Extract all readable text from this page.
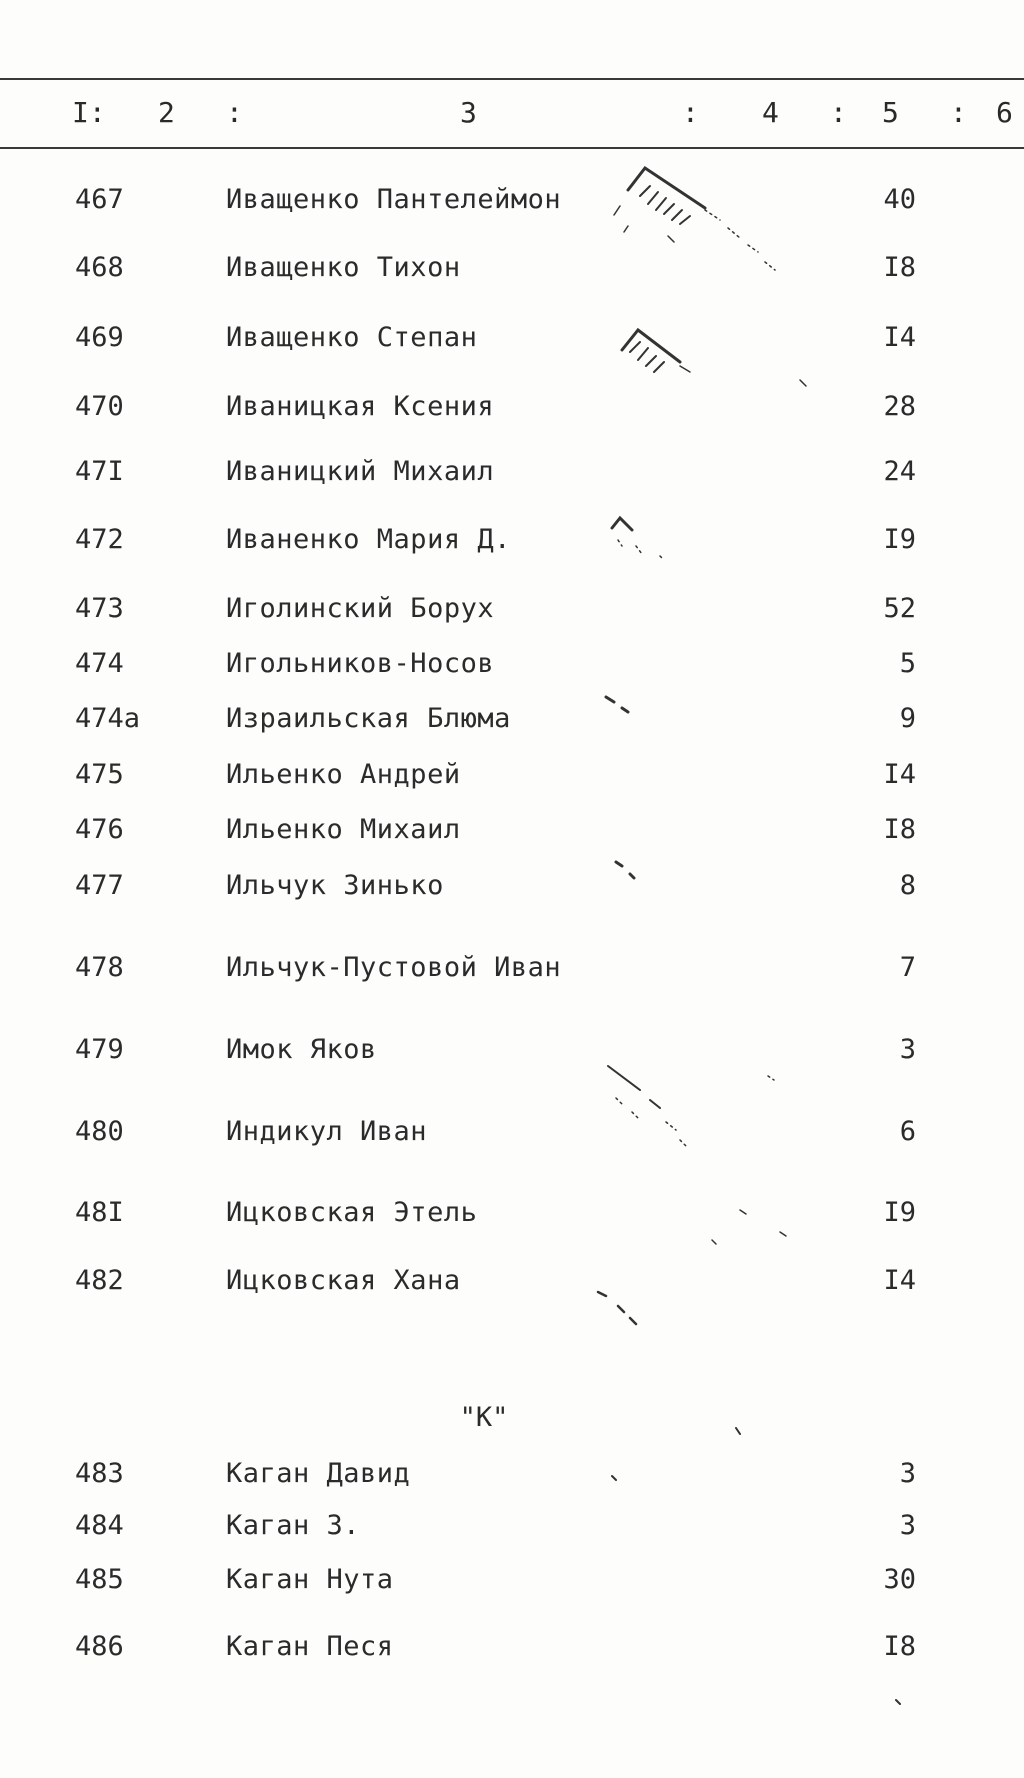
I: 2 :	3	: 4 : 5 : 6
467	Иващенко Пантелеймон	40
468	Иващенко Тихон	I8
469	Иващенко Степан	I4
470	Иваницкая Ксения	28
47I	Иваницкий Михаил	24
472	Иваненко Мария Д.	I9
473	Иголинский Борух	52
474	Игольников-Носов	5
474a	Израильская Блюма	9
475	Ильенко Андрей	I4
476	Ильенко Михаил	I8
477	Ильчук Зинько	8
478	Ильчук-Пустовой Иван	7
479	Имок Яков	3
480	Индикул Иван	6
48I	Ицковская Этель	I9
482	Ицковская Хана	I4
"К"
483	Каган Давид	3
484	Каган З.	3
485	Каган Нута	30
486	Каган Песя	I8
